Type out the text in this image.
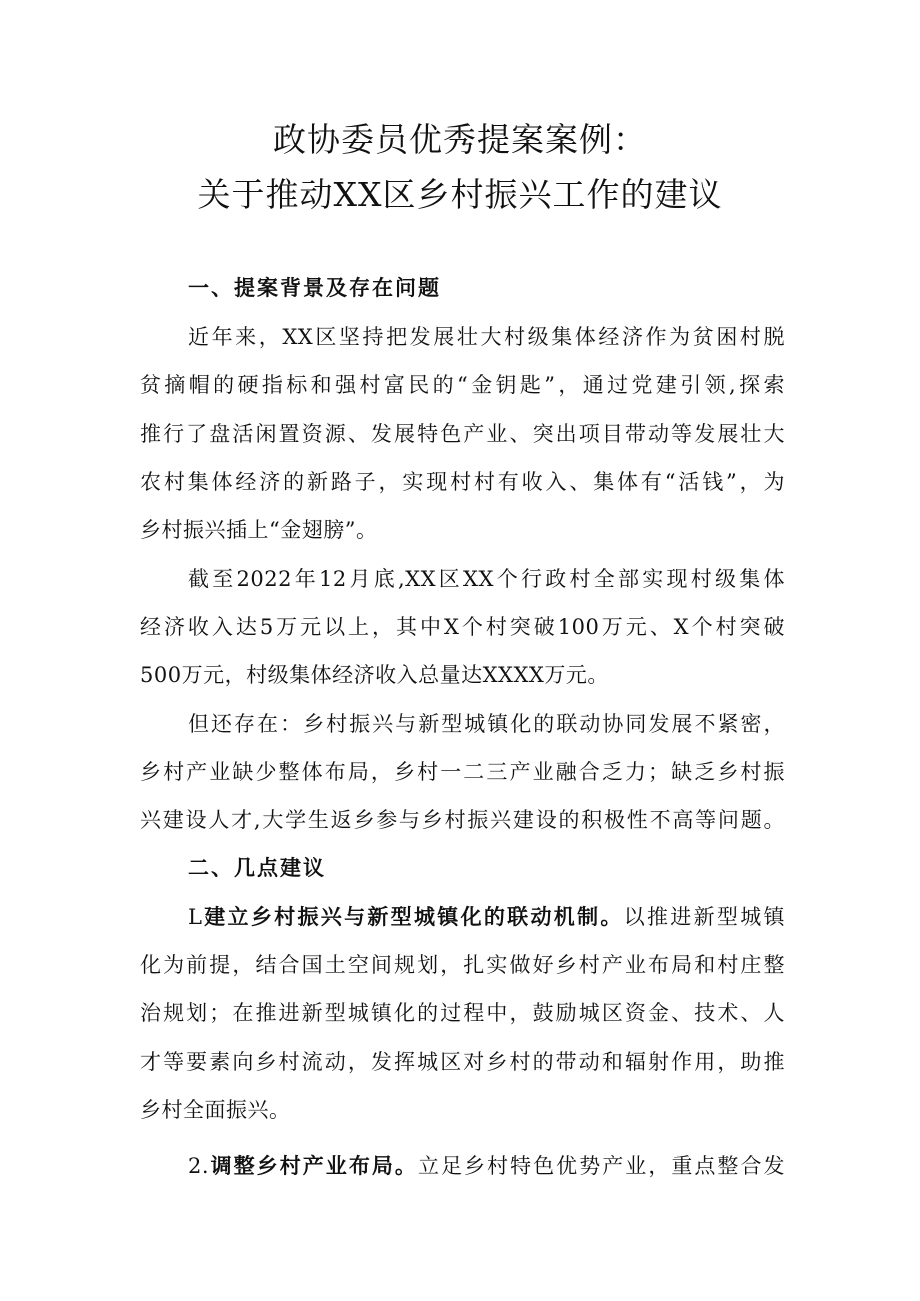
政协委员优秀提案案例：
关于推动XX区乡村振兴工作的建议
一、提案背景及存在问题
近年来，XX区坚持把发展壮大村级集体经济作为贫困村脱
贫摘帽的硬指标和强村富民的“金钥匙”，通过党建引领,探索
推行了盘活闲置资源、发展特色产业、突出项目带动等发展壮大
农村集体经济的新路子，实现村村有收入、集体有“活钱”，为
乡村振兴插上“金翅膀”。
截至2022年12月底,XX区XX个行政村全部实现村级集体
经济收入达5万元以上，其中X个村突破100万元、X个村突破
500万元，村级集体经济收入总量达XXXX万元。
但还存在：乡村振兴与新型城镇化的联动协同发展不紧密，
乡村产业缺少整体布局，乡村一二三产业融合乏力；缺乏乡村振
兴建设人才,大学生返乡参与乡村振兴建设的积极性不高等问题。
二、几点建议
L建立乡村振兴与新型城镇化的联动机制。以推进新型城镇
化为前提，结合国土空间规划，扎实做好乡村产业布局和村庄整
治规划；在推进新型城镇化的过程中，鼓励城区资金、技术、人
才等要素向乡村流动，发挥城区对乡村的带动和辐射作用，助推
乡村全面振兴。
2.调整乡村产业布局。立足乡村特色优势产业，重点整合发
